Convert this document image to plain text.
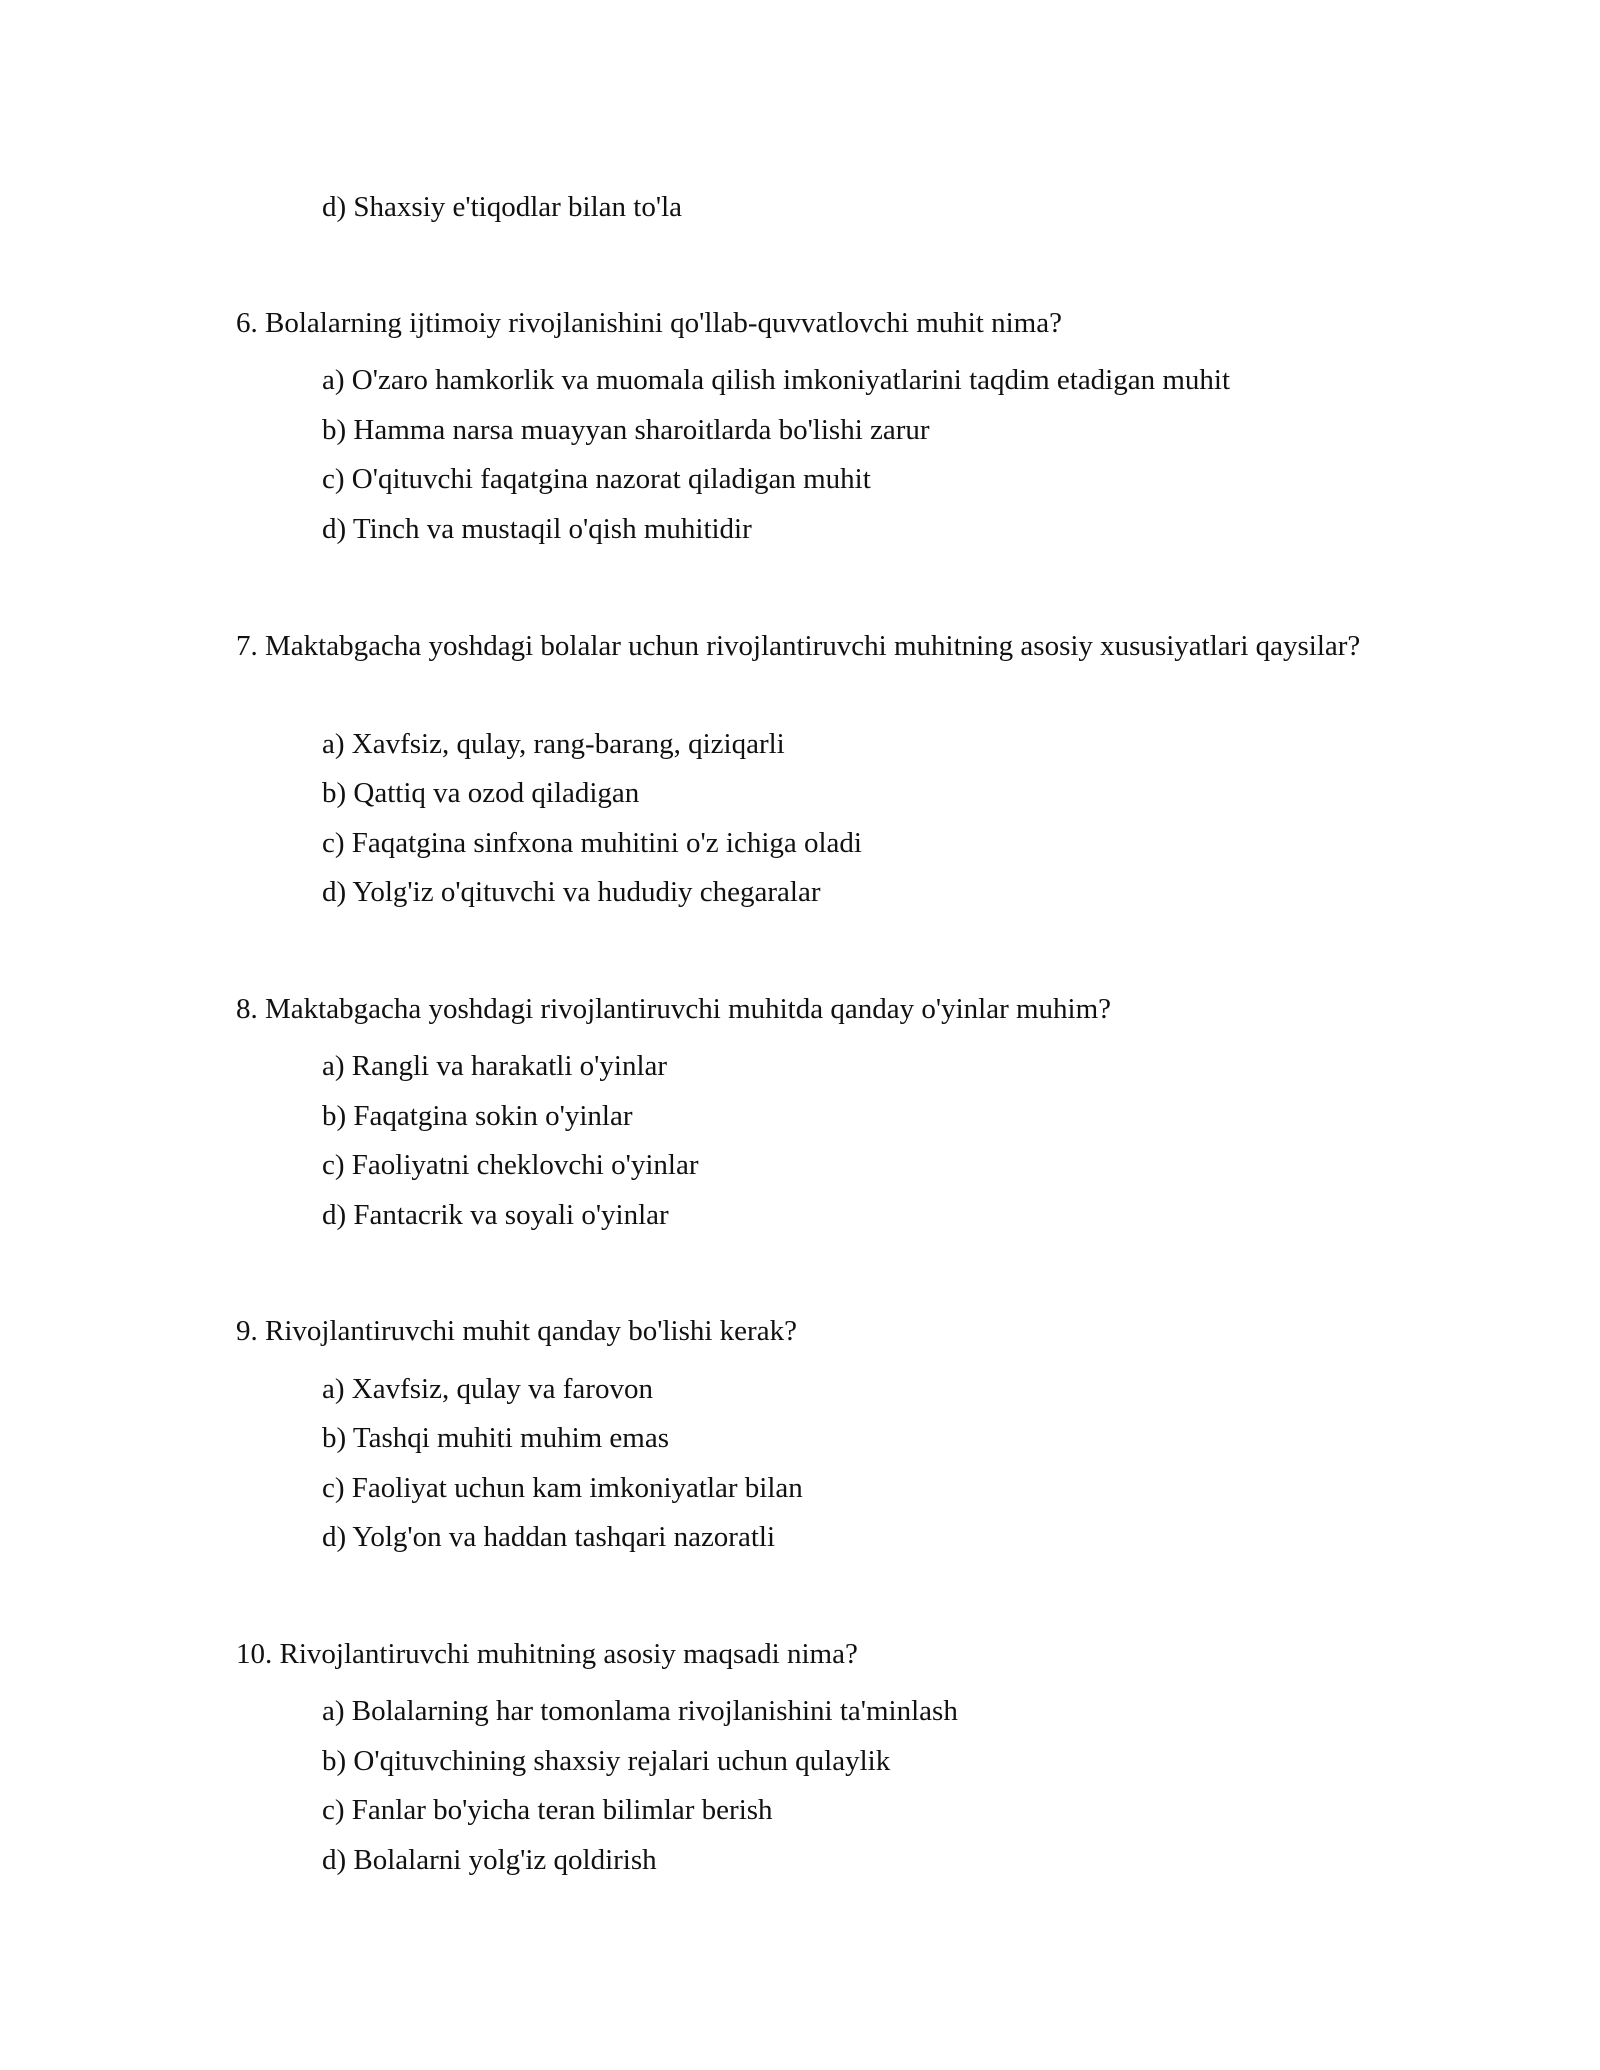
d) Shaxsiy e'tiqodlar bilan to'la
6. Bolalarning ijtimoiy rivojlanishini qo'llab-quvvatlovchi muhit nima?
a) O'zaro hamkorlik va muomala qilish imkoniyatlarini taqdim etadigan muhit
b) Hamma narsa muayyan sharoitlarda bo'lishi zarur
c) O'qituvchi faqatgina nazorat qiladigan muhit
d) Tinch va mustaqil o'qish muhitidir
7. Maktabgacha yoshdagi bolalar uchun rivojlantiruvchi muhitning asosiy xususiyatlari qaysilar?
a) Xavfsiz, qulay, rang-barang, qiziqarli
b) Qattiq va ozod qiladigan
c) Faqatgina sinfxona muhitini o'z ichiga oladi
d) Yolg'iz o'qituvchi va hududiy chegaralar
8. Maktabgacha yoshdagi rivojlantiruvchi muhitda qanday o'yinlar muhim?
a) Rangli va harakatli o'yinlar
b) Faqatgina sokin o'yinlar
c) Faoliyatni cheklovchi o'yinlar
d) Fantacrik va soyali o'yinlar
9. Rivojlantiruvchi muhit qanday bo'lishi kerak?
a) Xavfsiz, qulay va farovon
b) Tashqi muhiti muhim emas
c) Faoliyat uchun kam imkoniyatlar bilan
d) Yolg'on va haddan tashqari nazoratli
10. Rivojlantiruvchi muhitning asosiy maqsadi nima?
a) Bolalarning har tomonlama rivojlanishini ta'minlash
b) O'qituvchining shaxsiy rejalari uchun qulaylik
c) Fanlar bo'yicha teran bilimlar berish
d) Bolalarni yolg'iz qoldirish
